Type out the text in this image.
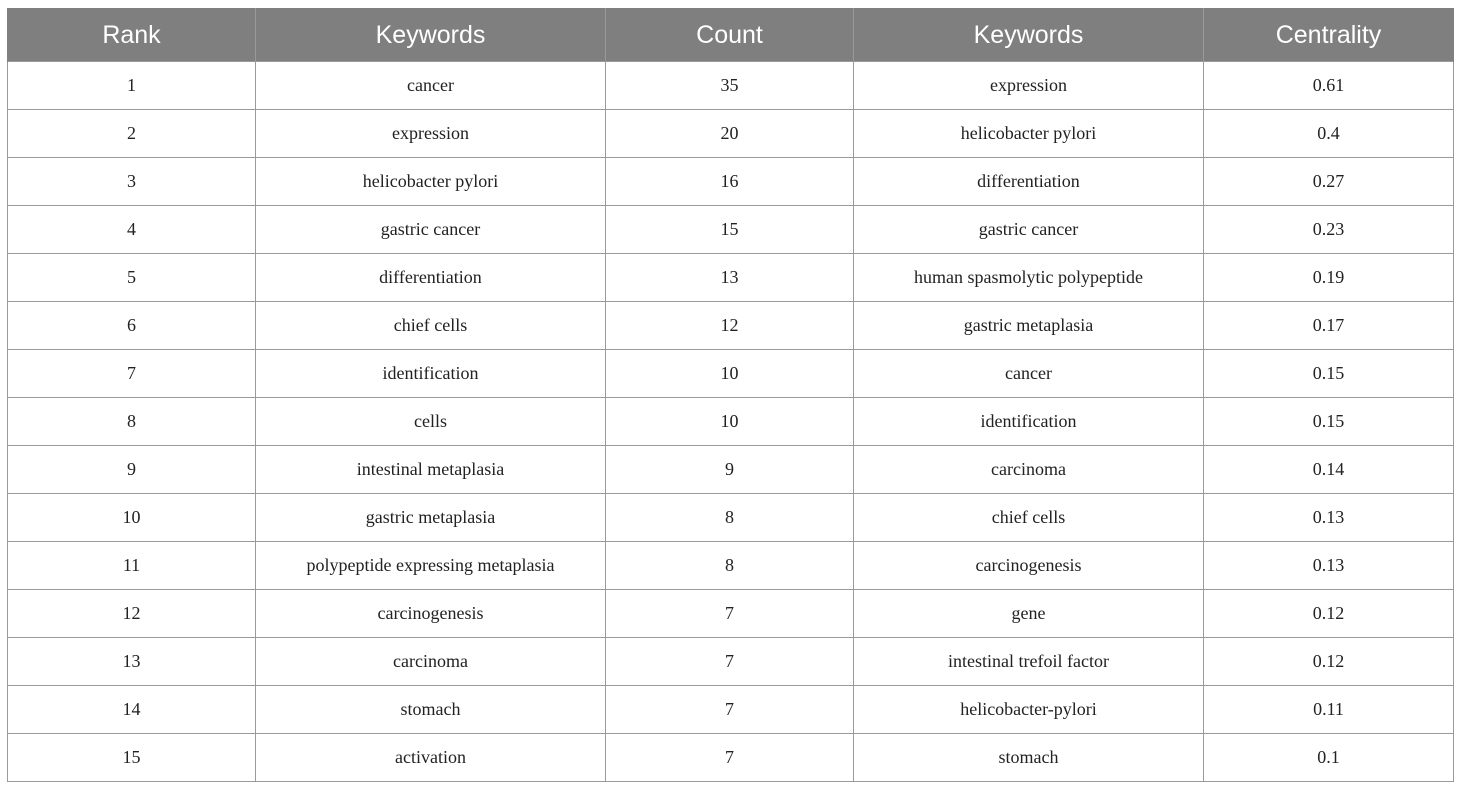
Rank	Keywords	Count	Keywords	Centrality
1	cancer	35	expression	0.61
2	expression	20	helicobacter pylori	0.4
3	helicobacter pylori	16	differentiation	0.27
4	gastric cancer	15	gastric cancer	0.23
5	differentiation	13	human spasmolytic polypeptide	0.19
6	chief cells	12	gastric metaplasia	0.17
7	identification	10	cancer	0.15
8	cells	10	identification	0.15
9	intestinal metaplasia	9	carcinoma	0.14
10	gastric metaplasia	8	chief cells	0.13
11	polypeptide expressing metaplasia	8	carcinogenesis	0.13
12	carcinogenesis	7	gene	0.12
13	carcinoma	7	intestinal trefoil factor	0.12
14	stomach	7	helicobacter-pylori	0.11
15	activation	7	stomach	0.1
